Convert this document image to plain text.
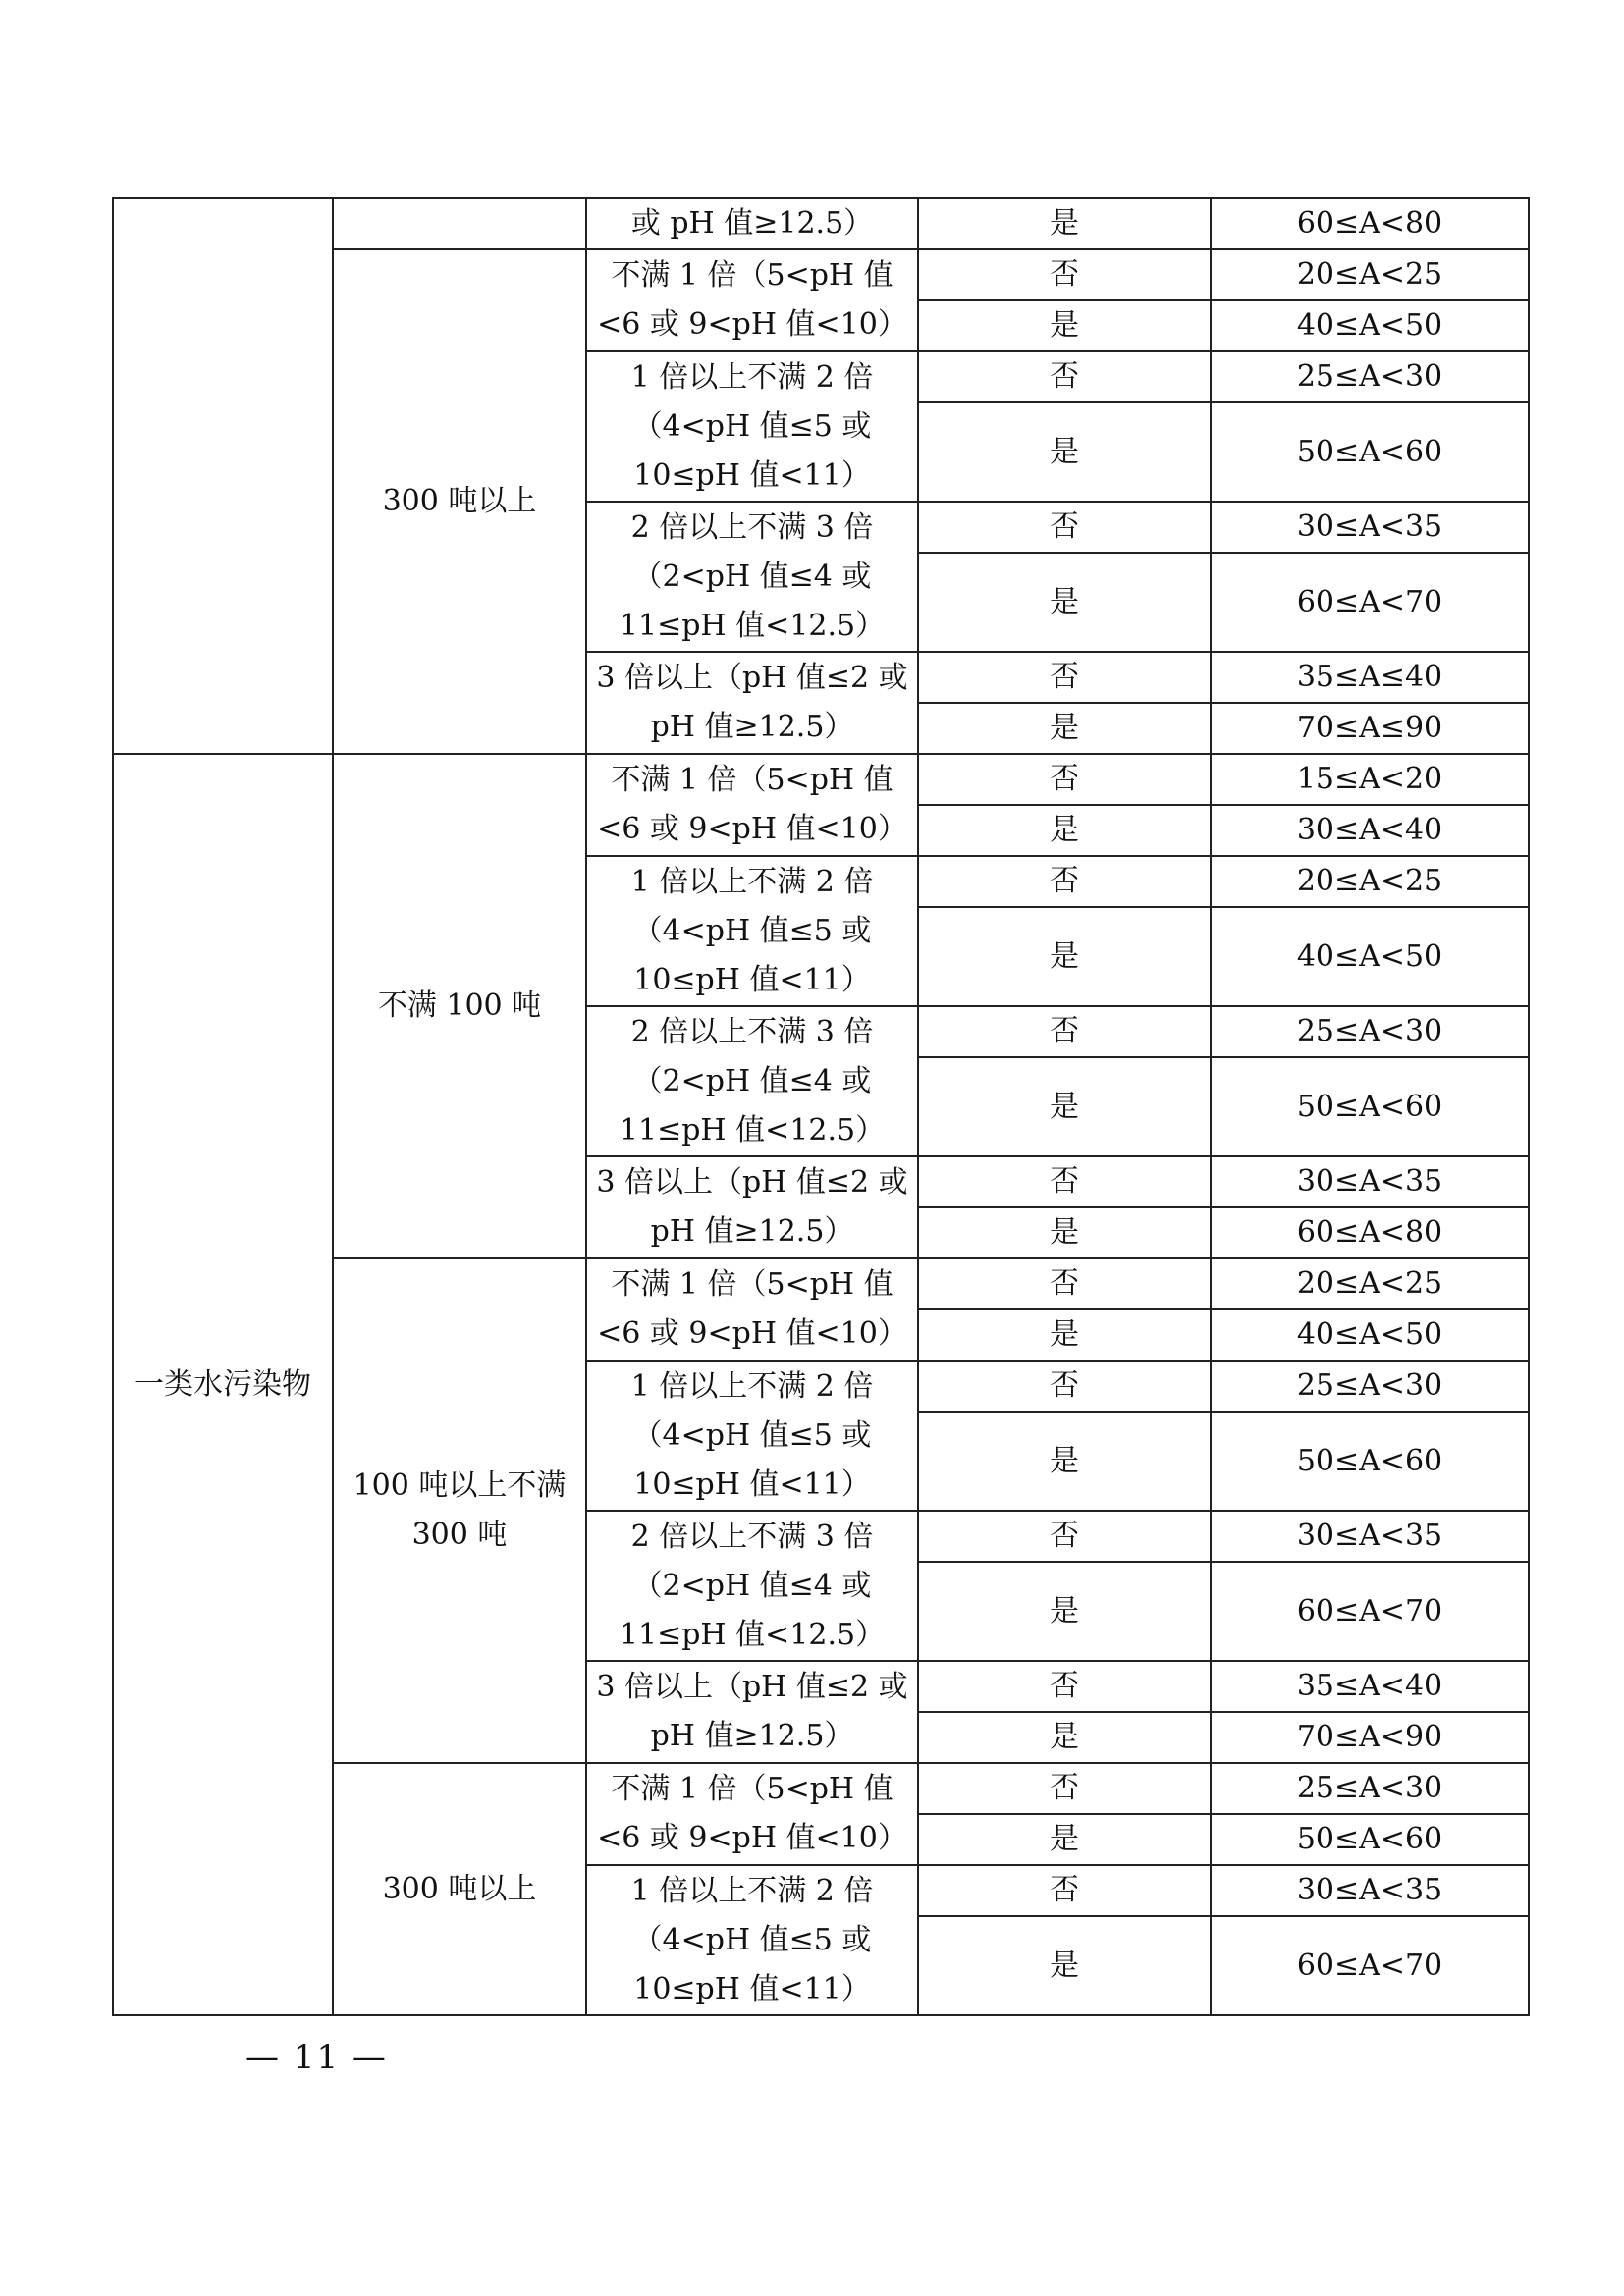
		或 pH 值≥12.5）	是	60≤A<80
	300 吨以上	不满 1 倍（5<pH 值<6 或 9<pH 值<10）	否	20≤A<25
			是	40≤A<50
		1 倍以上不满 2 倍（4<pH 值≤5 或 10≤pH 值<11）	否	25≤A<30
			是	50≤A<60
		2 倍以上不满 3 倍（2<pH 值≤4 或 11≤pH 值<12.5）	否	30≤A<35
			是	60≤A<70
		3 倍以上（pH 值≤2 或 pH 值≥12.5）	否	35≤A≤40
			是	70≤A≤90
一类水污染物	不满 100 吨	不满 1 倍（5<pH 值<6 或 9<pH 值<10）	否	15≤A<20
			是	30≤A<40
		1 倍以上不满 2 倍（4<pH 值≤5 或 10≤pH 值<11）	否	20≤A<25
			是	40≤A<50
		2 倍以上不满 3 倍（2<pH 值≤4 或 11≤pH 值<12.5）	否	25≤A<30
			是	50≤A<60
		3 倍以上（pH 值≤2 或 pH 值≥12.5）	否	30≤A<35
			是	60≤A<80
	100 吨以上不满 300 吨	不满 1 倍（5<pH 值<6 或 9<pH 值<10）	否	20≤A<25
			是	40≤A<50
		1 倍以上不满 2 倍（4<pH 值≤5 或 10≤pH 值<11）	否	25≤A<30
			是	50≤A<60
		2 倍以上不满 3 倍（2<pH 值≤4 或 11≤pH 值<12.5）	否	30≤A<35
			是	60≤A<70
		3 倍以上（pH 值≤2 或 pH 值≥12.5）	否	35≤A<40
			是	70≤A<90
	300 吨以上	不满 1 倍（5<pH 值<6 或 9<pH 值<10）	否	25≤A<30
			是	50≤A<60
		1 倍以上不满 2 倍（4<pH 值≤5 或 10≤pH 值<11）	否	30≤A<35
			是	60≤A<70
— 11 —
